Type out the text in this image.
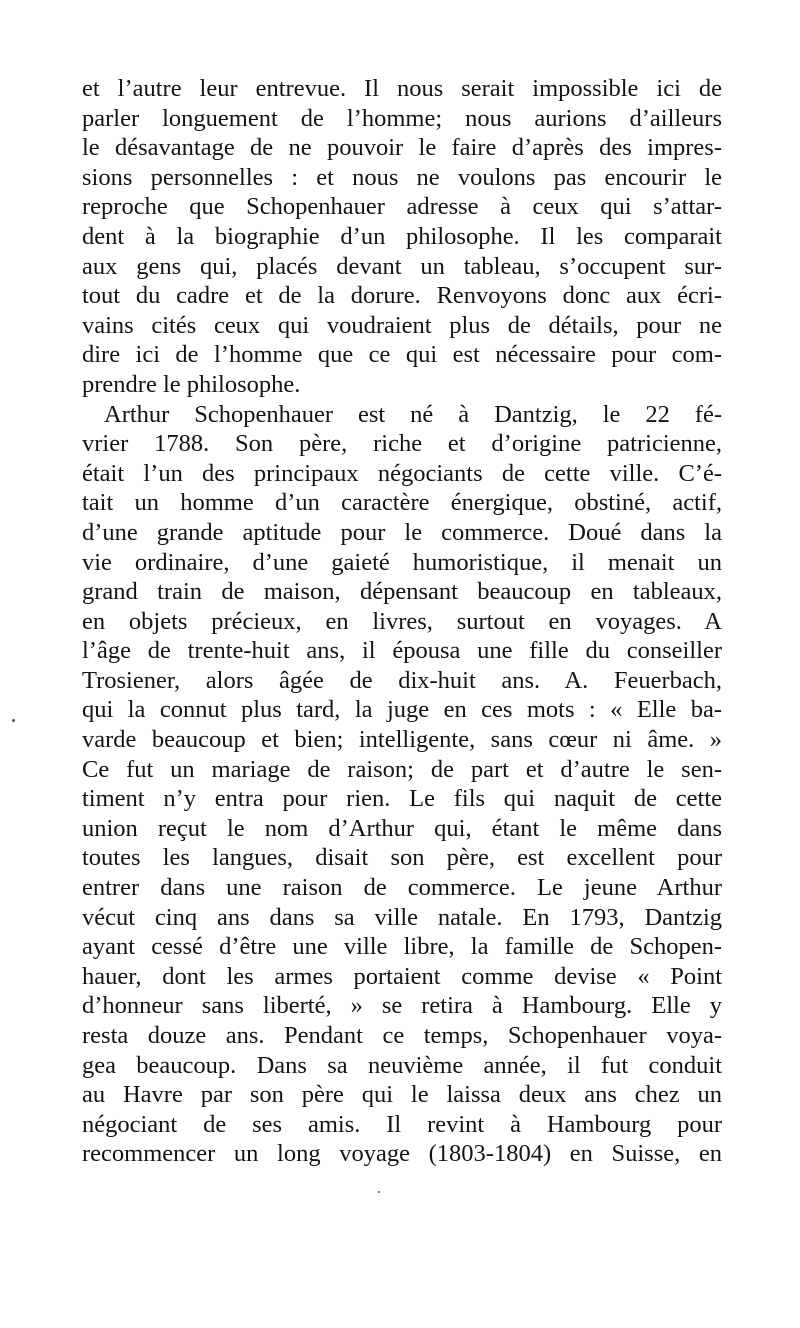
et l’autre leur entrevue. Il nous serait impossible ici de
parler longuement de l’homme; nous aurions d’ailleurs
le désavantage de ne pouvoir le faire d’après des impres-
sions personnelles : et nous ne voulons pas encourir le
reproche que Schopenhauer adresse à ceux qui s’attar-
dent à la biographie d’un philosophe. Il les comparait
aux gens qui, placés devant un tableau, s’occupent sur-
tout du cadre et de la dorure. Renvoyons donc aux écri-
vains cités ceux qui voudraient plus de détails, pour ne
dire ici de l’homme que ce qui est nécessaire pour com-
prendre le philosophe.
Arthur Schopenhauer est né à Dantzig, le 22 fé-
vrier 1788. Son père, riche et d’origine patricienne,
était l’un des principaux négociants de cette ville. C’é-
tait un homme d’un caractère énergique, obstiné, actif,
d’une grande aptitude pour le commerce. Doué dans la
vie ordinaire, d’une gaieté humoristique, il menait un
grand train de maison, dépensant beaucoup en tableaux,
en objets précieux, en livres, surtout en voyages. A
l’âge de trente-huit ans, il épousa une fille du conseiller
Trosiener, alors âgée de dix-huit ans. A. Feuerbach,
qui la connut plus tard, la juge en ces mots : « Elle ba-
varde beaucoup et bien; intelligente, sans cœur ni âme. »
Ce fut un mariage de raison; de part et d’autre le sen-
timent n’y entra pour rien. Le fils qui naquit de cette
union reçut le nom d’Arthur qui, étant le même dans
toutes les langues, disait son père, est excellent pour
entrer dans une raison de commerce. Le jeune Arthur
vécut cinq ans dans sa ville natale. En 1793, Dantzig
ayant cessé d’être une ville libre, la famille de Schopen-
hauer, dont les armes portaient comme devise « Point
d’honneur sans liberté, » se retira à Hambourg. Elle y
resta douze ans. Pendant ce temps, Schopenhauer voya-
gea beaucoup. Dans sa neuvième année, il fut conduit
au Havre par son père qui le laissa deux ans chez un
négociant de ses amis. Il revint à Hambourg pour
recommencer un long voyage (1803-1804) en Suisse, en
